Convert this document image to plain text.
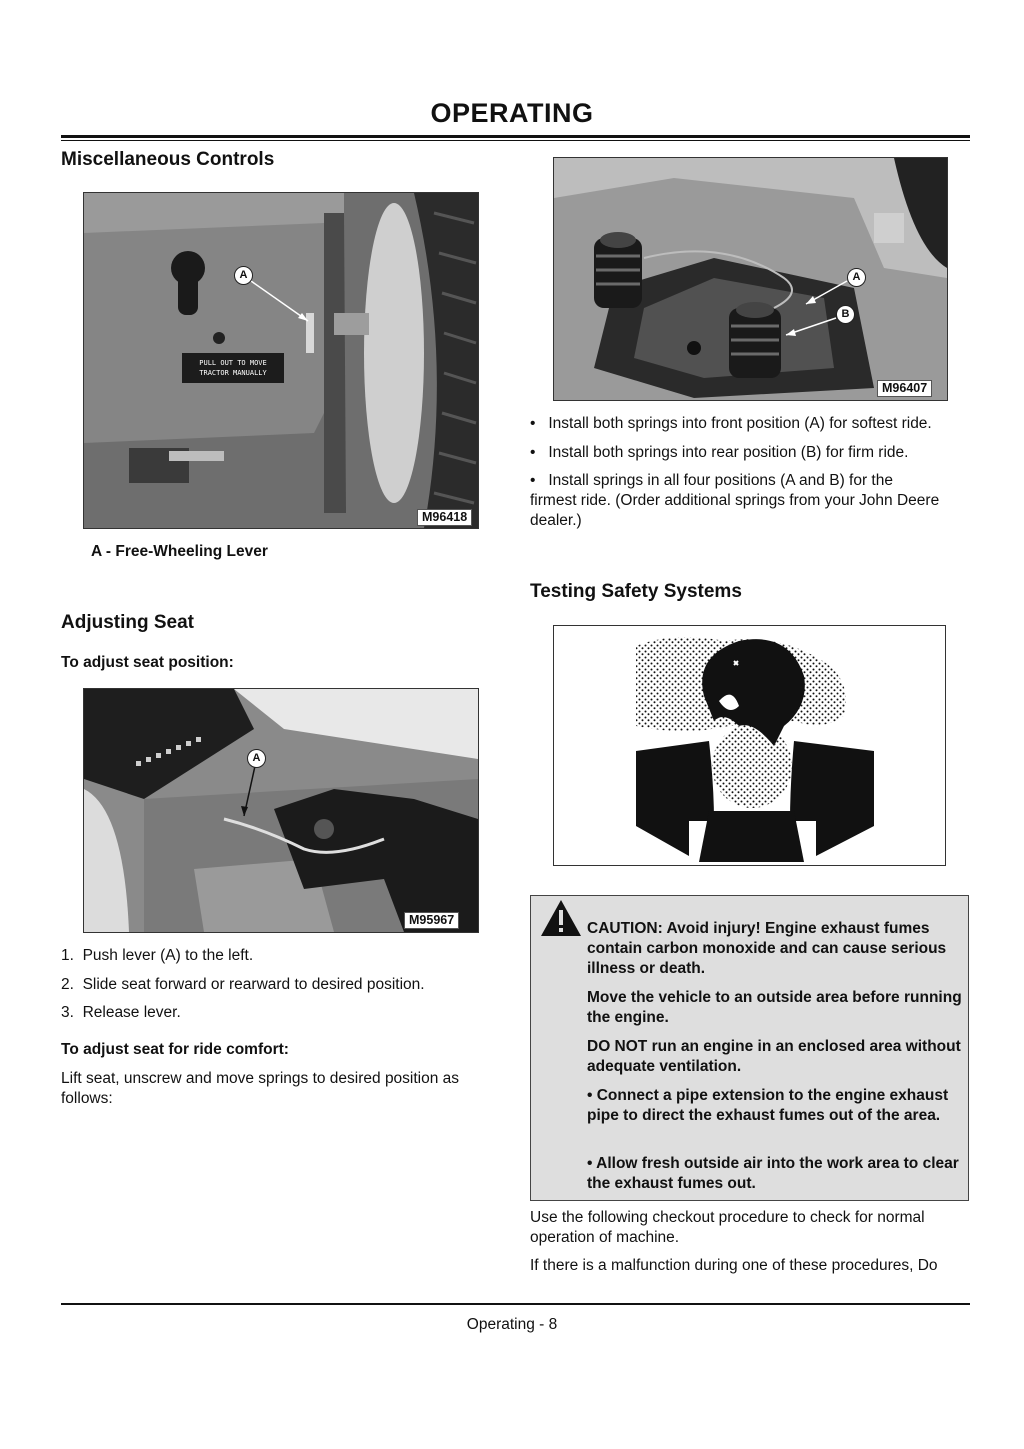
OPERATING
Miscellaneous Controls
PULL OUT TO MOVE
TRACTOR MANUALLY
A
M96418
A - Free-Wheeling Lever
Adjusting Seat
To adjust seat position:
A
M95967
1. Push lever (A) to the left.
2. Slide seat forward or rearward to desired position.
3. Release lever.
To adjust seat for ride comfort:
Lift seat, unscrew and move springs to desired position as follows:
A
B
M96407
• Install both springs into front position (A) for softest ride.
• Install both springs into rear position (B) for firm ride.
• Install springs in all four positions (A and B) for the firmest ride. (Order additional springs from your John Deere dealer.)
Testing Safety Systems
CAUTION: Avoid injury! Engine exhaust fumes contain carbon monoxide and can cause serious illness or death.
Move the vehicle to an outside area before running the engine.
DO NOT run an engine in an enclosed area without adequate ventilation.
• Connect a pipe extension to the engine exhaust pipe to direct the exhaust fumes out of the area.
• Allow fresh outside air into the work area to clear the exhaust fumes out.
Use the following checkout procedure to check for normal operation of machine.
If there is a malfunction during one of these procedures, Do
Operating - 8
